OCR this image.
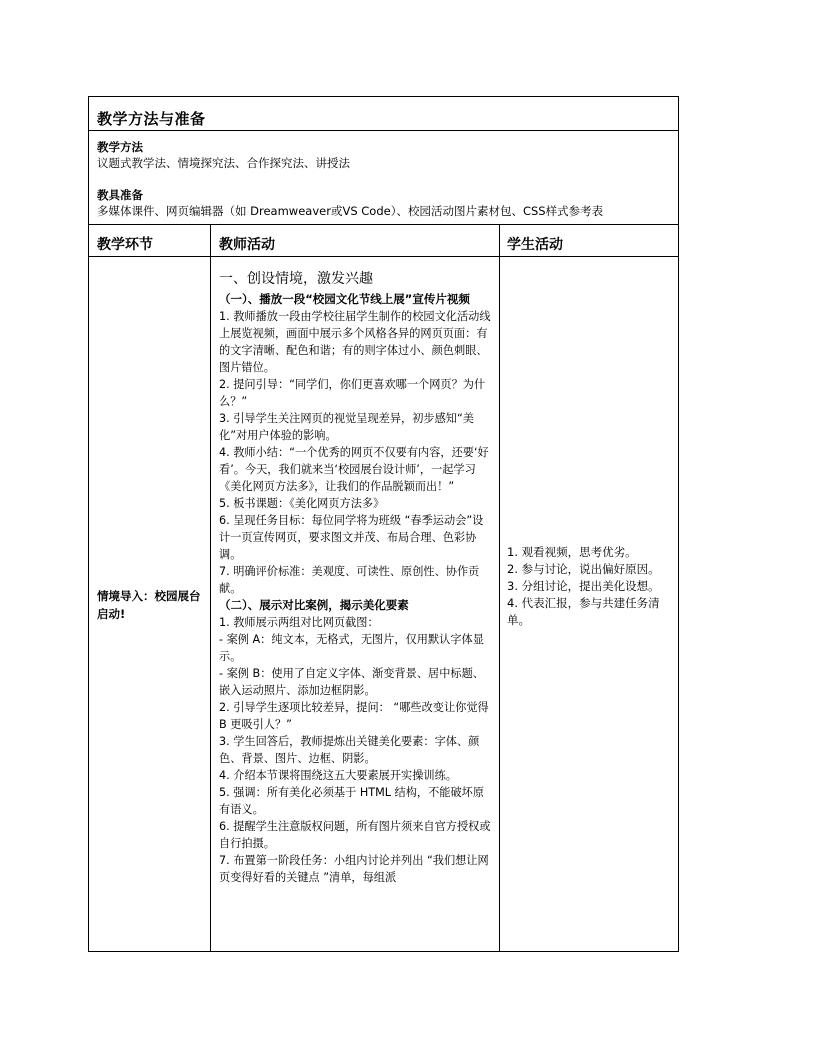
教学方法与准备
教学方法
议题式教学法、情境探究法、合作探究法、讲授法
教具准备
多媒体课件、网页编辑器（如 Dreamweaver或VS Code）、校园活动图片素材包、CSS样式参考表
教学环节	教师活动	学生活动
情境导入：校园展台启动!
一、创设情境，激发兴趣
（一）、播放一段“校园文化节线上展”宣传片视频
1. 教师播放一段由学校往届学生制作的校园文化活动线上展览视频，画面中展示多个风格各异的网页页面：有的文字清晰、配色和谐；有的则字体过小、颜色刺眼、图片错位。
2. 提问引导：“同学们，你们更喜欢哪一个网页？为什么？”
3. 引导学生关注网页的视觉呈现差异，初步感知“美化”对用户体验的影响。
4. 教师小结：“一个优秀的网页不仅要有内容，还要‘好看’。今天，我们就来当‘校园展台设计师’，一起学习《美化网页方法多》，让我们的作品脱颖而出！”
5. 板书课题：《美化网页方法多》
6. 呈现任务目标：每位同学将为班级 “春季运动会”设计一页宣传网页，要求图文并茂、布局合理、色彩协调。
7. 明确评价标准：美观度、可读性、原创性、协作贡献。
（二）、展示对比案例，揭示美化要素
1. 教师展示两组对比网页截图：
- 案例 A：纯文本，无格式，无图片，仅用默认字体显示。
- 案例 B：使用了自定义字体、渐变背景、居中标题、嵌入运动照片、添加边框阴影。
2. 引导学生逐项比较差异，提问： “哪些改变让你觉得 B 更吸引人？”
3. 学生回答后，教师提炼出关键美化要素：字体、颜色、背景、图片、边框、阴影。
4. 介绍本节课将围绕这五大要素展开实操训练。
5. 强调：所有美化必须基于 HTML 结构，不能破坏原有语义。
6. 提醒学生注意版权问题，所有图片须来自官方授权或自行拍摄。
7. 布置第一阶段任务：小组内讨论并列出 “我们想让网页变得好看的关键点 ”清单，每组派
1. 观看视频，思考优劣。
2. 参与讨论，说出偏好原因。
3. 分组讨论，提出美化设想。
4. 代表汇报，参与共建任务清单。
